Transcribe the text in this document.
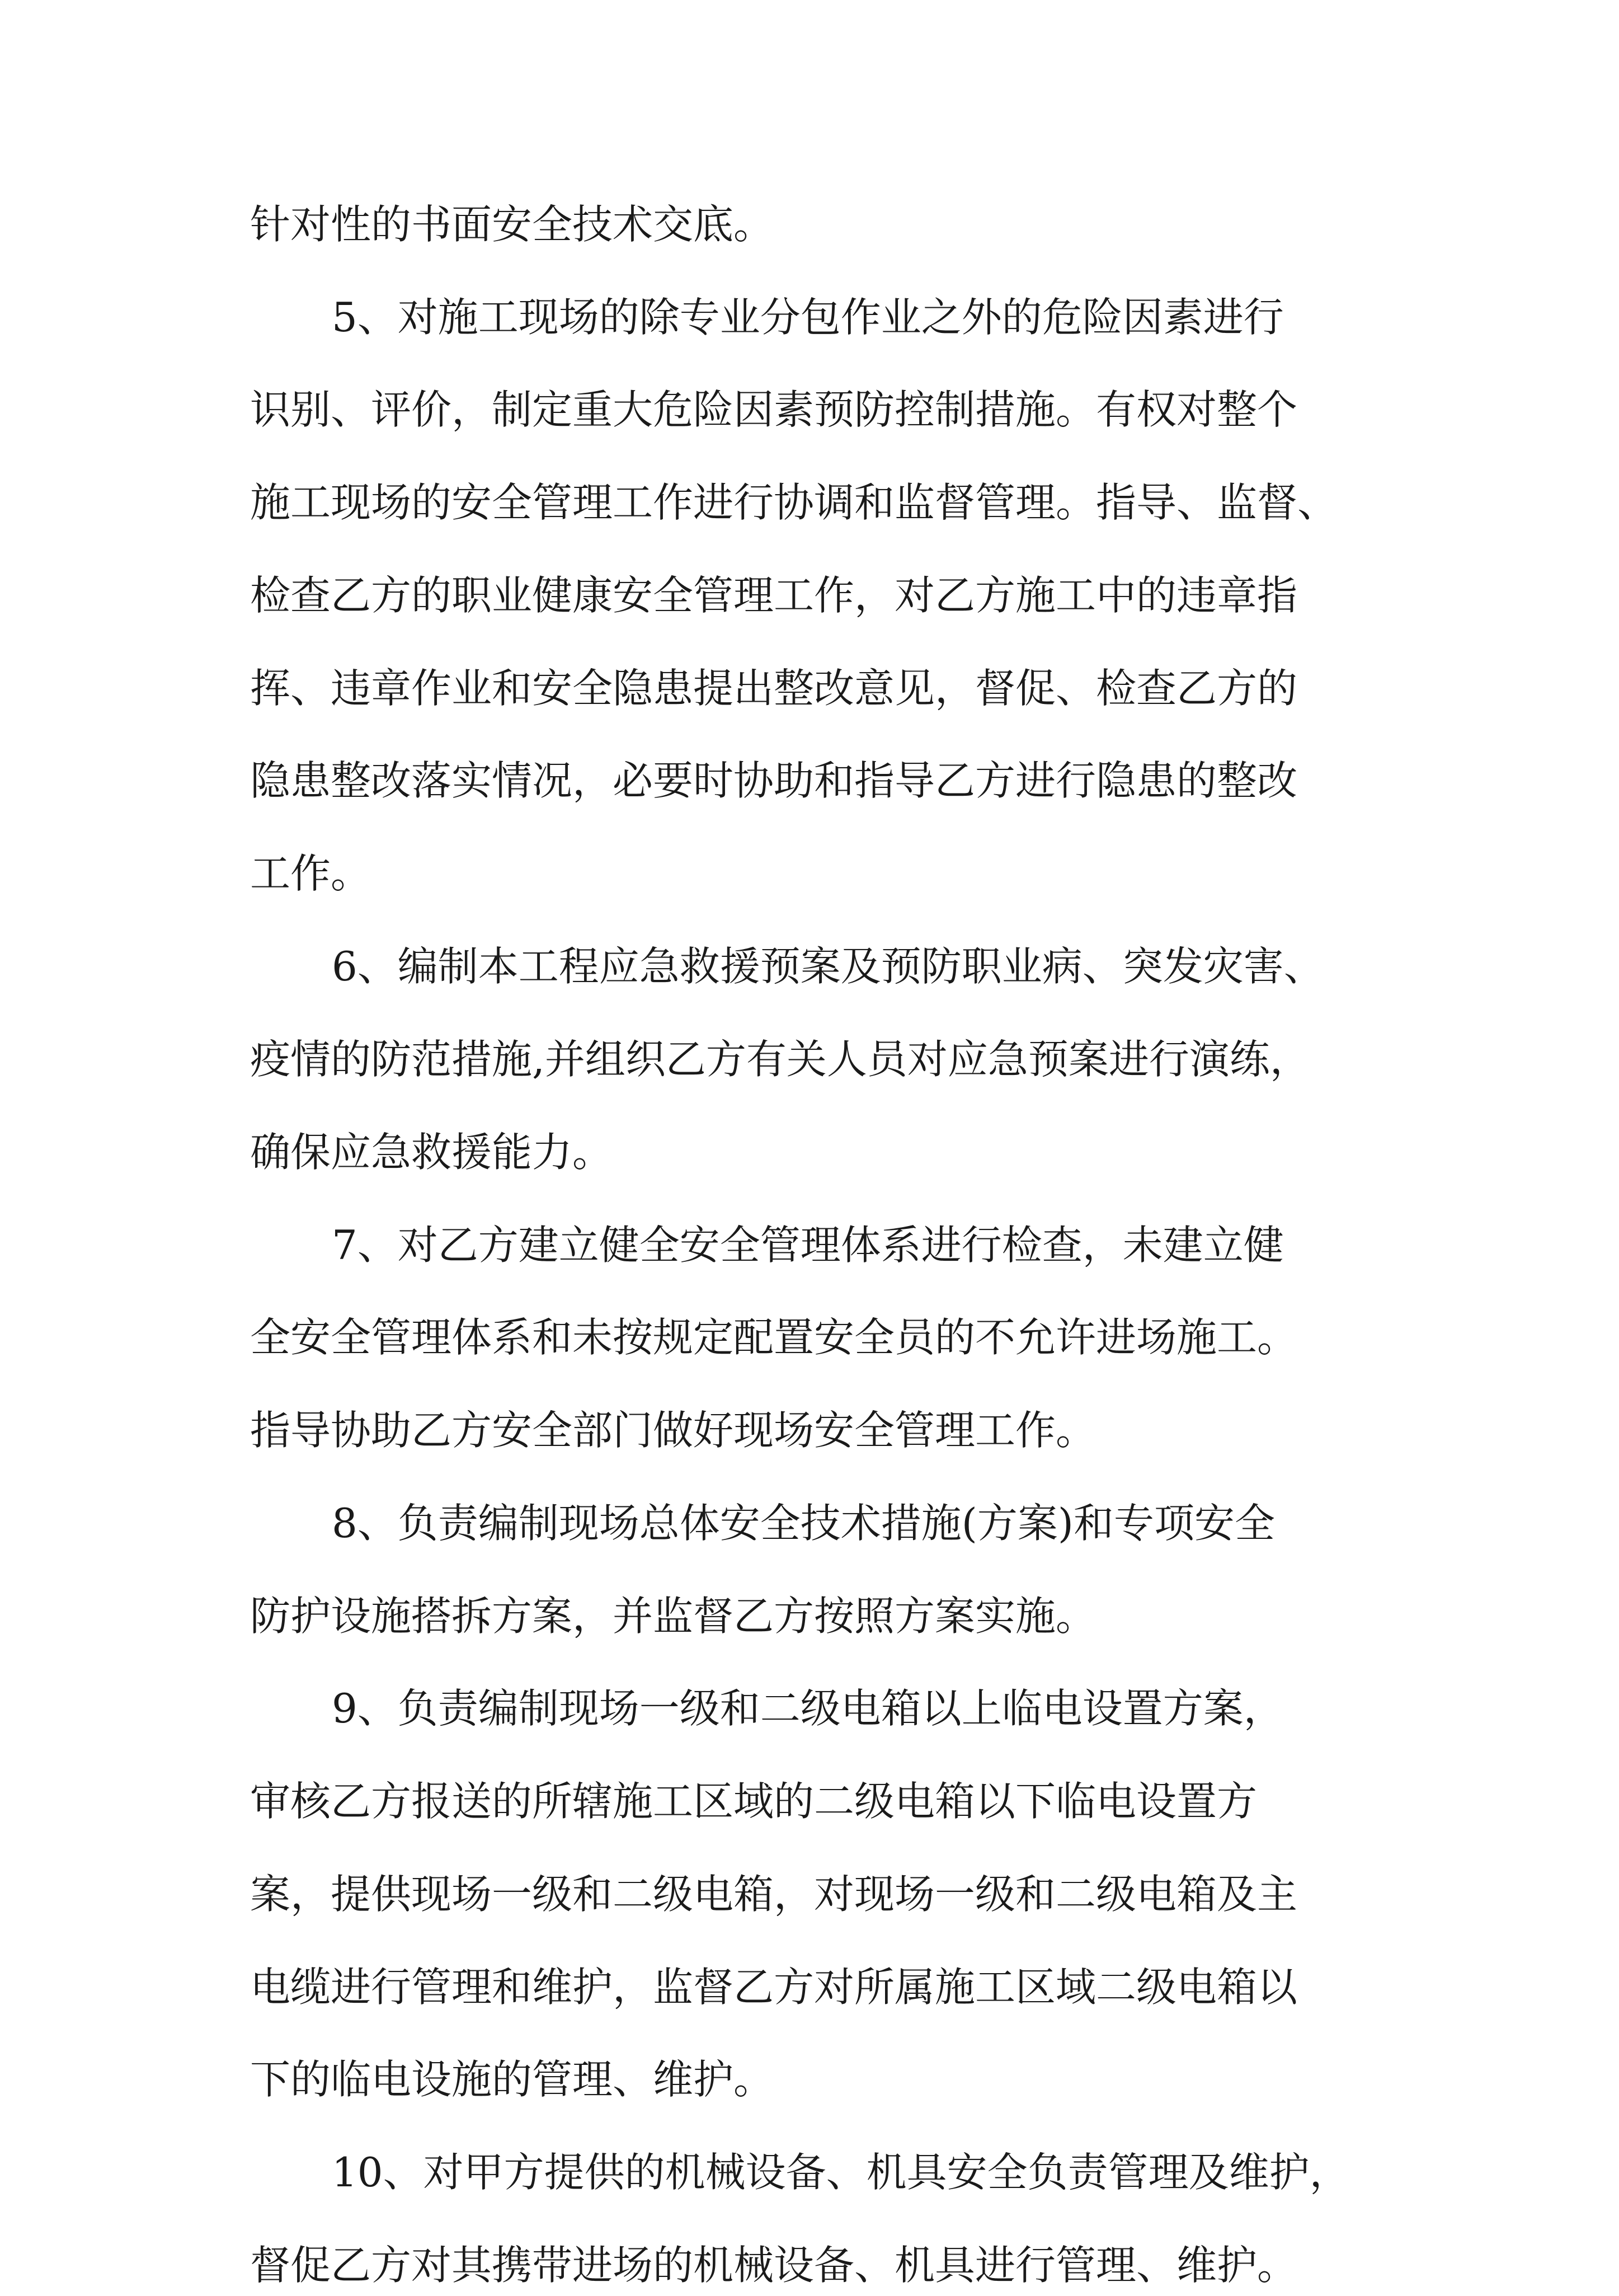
针对性的书面安全技术交底。
5、对施工现场的除专业分包作业之外的危险因素进行
识别、评价，制定重大危险因素预防控制措施。有权对整个
施工现场的安全管理工作进行协调和监督管理。指导、监督、
检查乙方的职业健康安全管理工作，对乙方施工中的违章指
挥、违章作业和安全隐患提出整改意见，督促、检查乙方的
隐患整改落实情况，必要时协助和指导乙方进行隐患的整改
工作。
6、编制本工程应急救援预案及预防职业病、突发灾害、
疫情的防范措施,并组织乙方有关人员对应急预案进行演练，
确保应急救援能力。
7、对乙方建立健全安全管理体系进行检查，未建立健
全安全管理体系和未按规定配置安全员的不允许进场施工。
指导协助乙方安全部门做好现场安全管理工作。
8、负责编制现场总体安全技术措施(方案)和专项安全
防护设施搭拆方案，并监督乙方按照方案实施。
9、负责编制现场一级和二级电箱以上临电设置方案，
审核乙方报送的所辖施工区域的二级电箱以下临电设置方
案，提供现场一级和二级电箱，对现场一级和二级电箱及主
电缆进行管理和维护，监督乙方对所属施工区域二级电箱以
下的临电设施的管理、维护。
10、对甲方提供的机械设备、机具安全负责管理及维护，
督促乙方对其携带进场的机械设备、机具进行管理、维护。
